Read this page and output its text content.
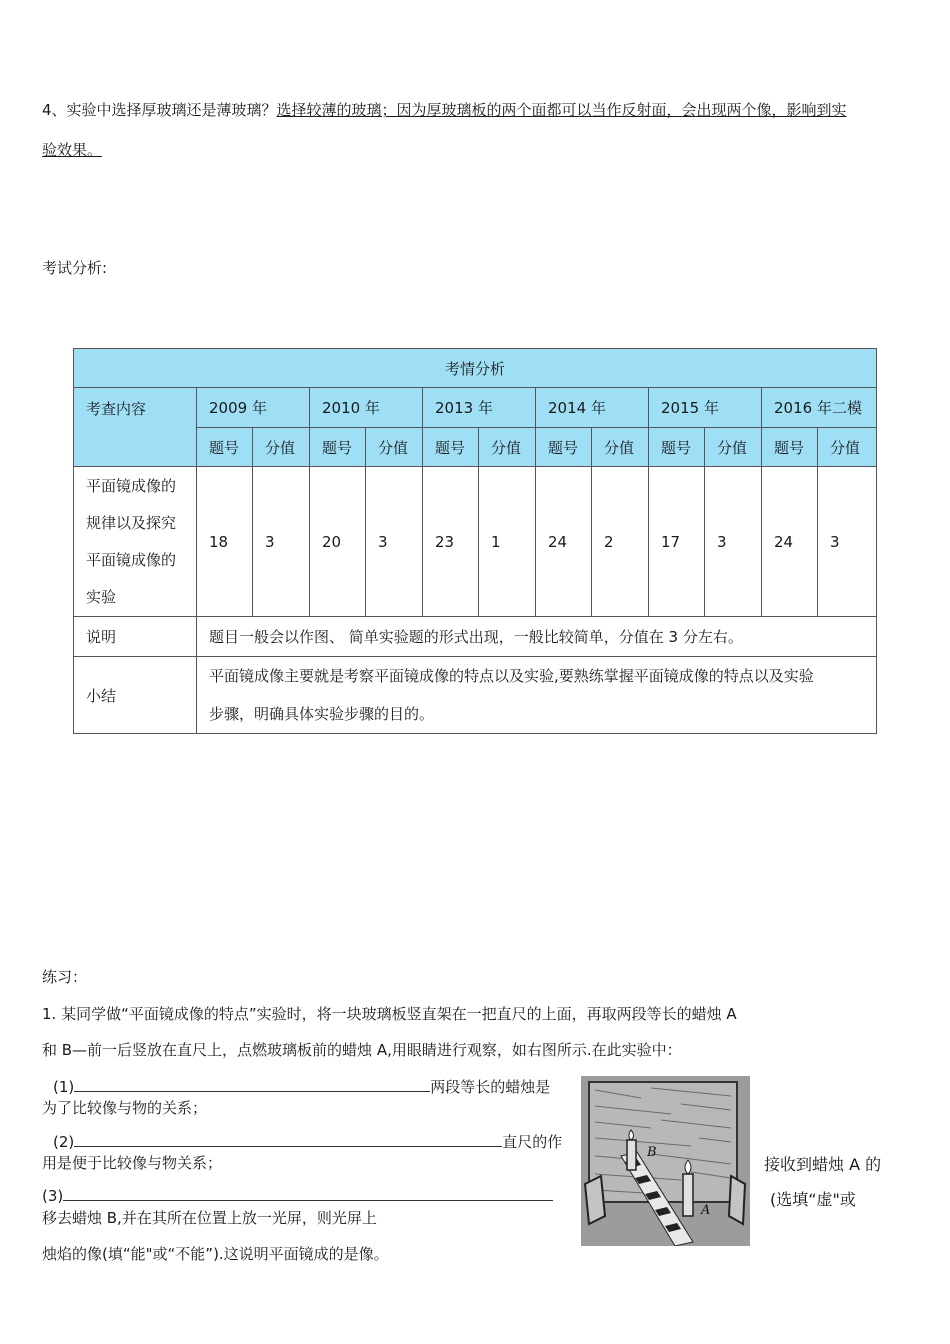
4、实验中选择厚玻璃还是薄玻璃？选择较薄的玻璃；因为厚玻璃板的两个面都可以当作反射面，会出现两个像，影响到实
验效果。
考试分析:
考情分析												
考查内容	2009 年		2010 年		2013 年		2014 年		2015 年		2016 年二模	
	题号	分值	题号	分值	题号	分值	题号	分值	题号	分值	题号	分值

平面镜成像的
规律以及探究
平面镜成像的
实验	18	3	20	3	23	1	24	2	17	3	24	3
说明	题目一般会以作图、 简单实验题的形式出现，一般比较简单，分值在 3 分左右。											
小结	平面镜成像主要就是考察平面镜成像的特点以及实验,要熟练掌握平面镜成像的特点以及实验
步骤，明确具体实验步骤的目的。											
练习：
1. 某同学做“平面镜成像的特点”实验时，将一块玻璃板竖直架在一把直尺的上面，再取两段等长的蜡烛 A
和 B—前一后竖放在直尺上，点燃玻璃板前的蜡烛 A,用眼睛进行观察，如右图所示.在此实验中：
(1)	两段等长的蜡烛是
为了比较像与物的关系；
(2)	直尺的作
用是便于比较像与物关系；
(3)
移去蜡烛 B,并在其所在位置上放一光屏，则光屏上
接收到蜡烛 A 的
(选填“虚"或
烛焰的像(填“能"或“不能”).这说明平面镜成的是像。
B
A
